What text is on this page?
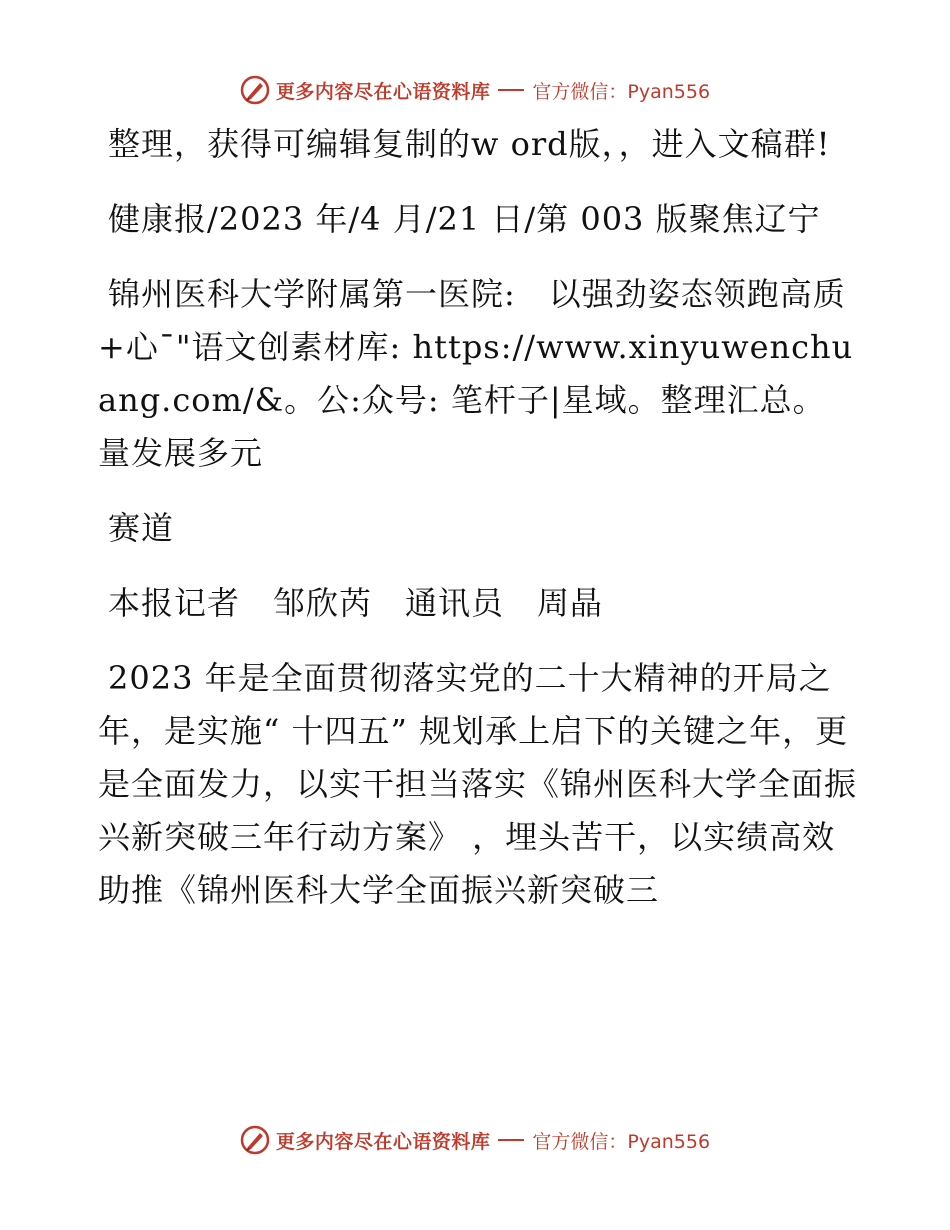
更多内容尽在心语资料库 官方微信：Pyan556

整理，获得可编辑复制的w ord版，，进入文稿群!

健康报/2023 年/4 月/21 日/第 003 版聚焦辽宁

锦州医科大学附属第一医院:　以强劲姿态领跑高质+心¯"语文创素材库: https://www.xinyuwenchuang.com/&。公:众号: 笔杆子|星域。整理汇总。量发展多元

赛道

本报记者　邹欣芮　通讯员　周晶

2023 年是全面贯彻落实党的二十大精神的开局之年，是实施“ 十四五” 规划承上启下的关键之年，更是全面发力，以实干担当落实《锦州医科大学全面振兴新突破三年行动方案》 ，埋头苦干，以实绩高效助推《锦州医科大学全面振兴新突破三

更多内容尽在心语资料库 官方微信：Pyan556
